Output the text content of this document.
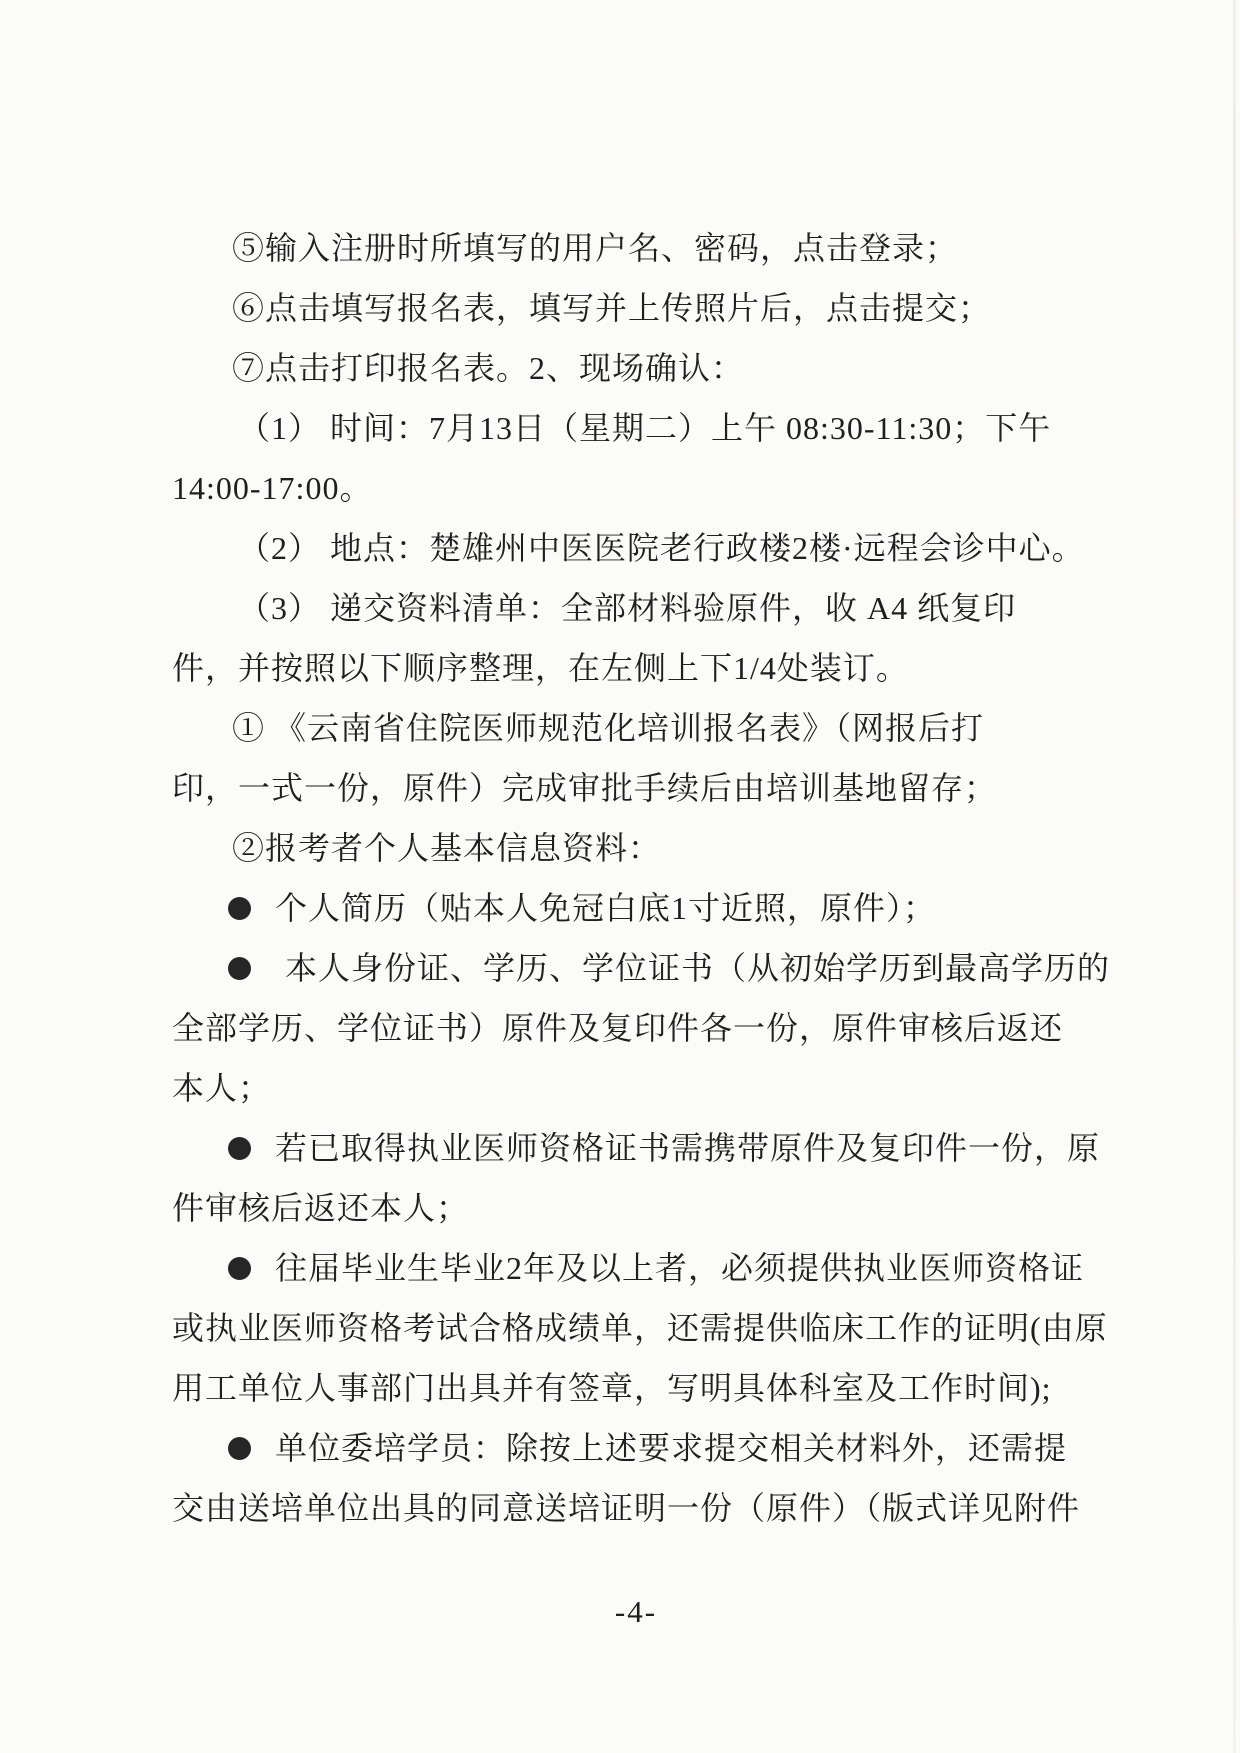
⑤输入注册时所填写的用户名、密码，点击登录；
⑥点击填写报名表，填写并上传照片后，点击提交；
⑦点击打印报名表。2、现场确认：
（1） 时间：7月13日（星期二）上午 08:30-11:30；下午
14:00-17:00。
（2） 地点：楚雄州中医医院老行政楼2楼·远程会诊中心。
（3） 递交资料清单：全部材料验原件，收 A4 纸复印
件，并按照以下顺序整理，在左侧上下1/4处装订。
① 《云南省住院医师规范化培训报名表》（网报后打
印，一式一份，原件）完成审批手续后由培训基地留存；
②报考者个人基本信息资料：
个人简历（贴本人免冠白底1寸近照，原件）；
本人身份证、学历、学位证书（从初始学历到最高学历的
全部学历、学位证书）原件及复印件各一份，原件审核后返还
本人；
若已取得执业医师资格证书需携带原件及复印件一份，原
件审核后返还本人；
往届毕业生毕业2年及以上者，必须提供执业医师资格证
或执业医师资格考试合格成绩单，还需提供临床工作的证明(由原
用工单位人事部门出具并有签章，写明具体科室及工作时间);
单位委培学员：除按上述要求提交相关材料外，还需提
交由送培单位出具的同意送培证明一份（原件）（版式详见附件
-4-
